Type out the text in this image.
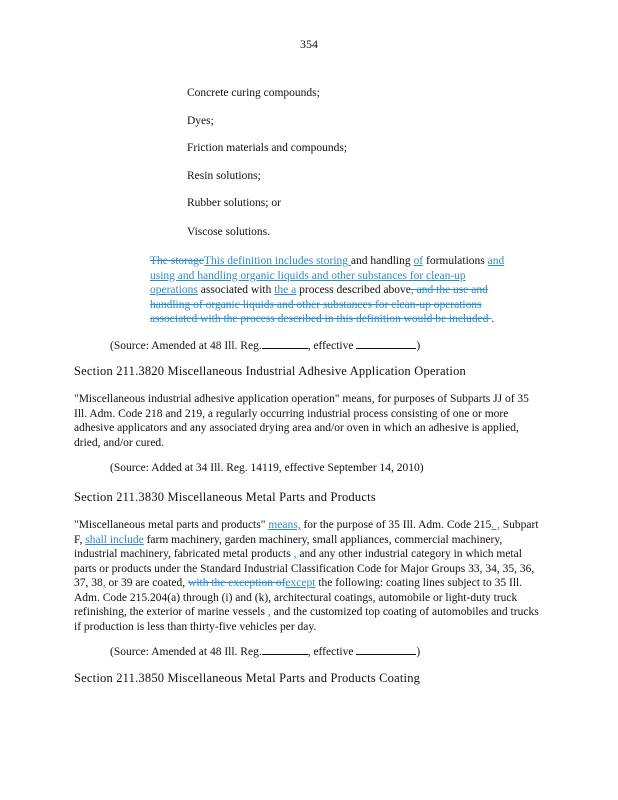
354
Concrete curing compounds;
Dyes;
Friction materials and compounds;
Resin solutions;
Rubber solutions; or
Viscose solutions.
The storageThis definition includes storing and handling of formulations and using and handling organic liquids and other substances for clean-up operations associated with the a process described above, and the use and handling of organic liquids and other substances for clean-up operations associated with the process described in this definition would be included .
(Source: Amended at 48 Ill. Reg.	, effective	)
Section 211.3820 Miscellaneous Industrial Adhesive Application Operation
"Miscellaneous industrial adhesive application operation" means, for purposes of Subparts JJ of 35 Ill. Adm. Code 218 and 219, a regularly occurring industrial process consisting of one or more adhesive applicators and any associated drying area and/or oven in which an adhesive is applied, dried, and/or cured.
(Source: Added at 34 Ill. Reg. 14119, effective September 14, 2010)
Section 211.3830 Miscellaneous Metal Parts and Products
"Miscellaneous metal parts and products" means, for the purpose of 35 Ill. Adm. Code 215. , Subpart F, shall include farm machinery, garden machinery, small appliances, commercial machinery, industrial machinery, fabricated metal products , and any other industrial category in which metal parts or products under the Standard Industrial Classification Code for Major Groups 33, 34, 35, 36, 37, 38, or 39 are coated, with the exception ofexcept the following: coating lines subject to 35 Ill. Adm. Code 215.204(a) through (i) and (k), architectural coatings, automobile or light-duty truck refinishing, the exterior of marine vessels , and the customized top coating of automobiles and trucks if production is less than thirty-five vehicles per day.
(Source: Amended at 48 Ill. Reg.	, effective	)
Section 211.3850 Miscellaneous Metal Parts and Products Coating
